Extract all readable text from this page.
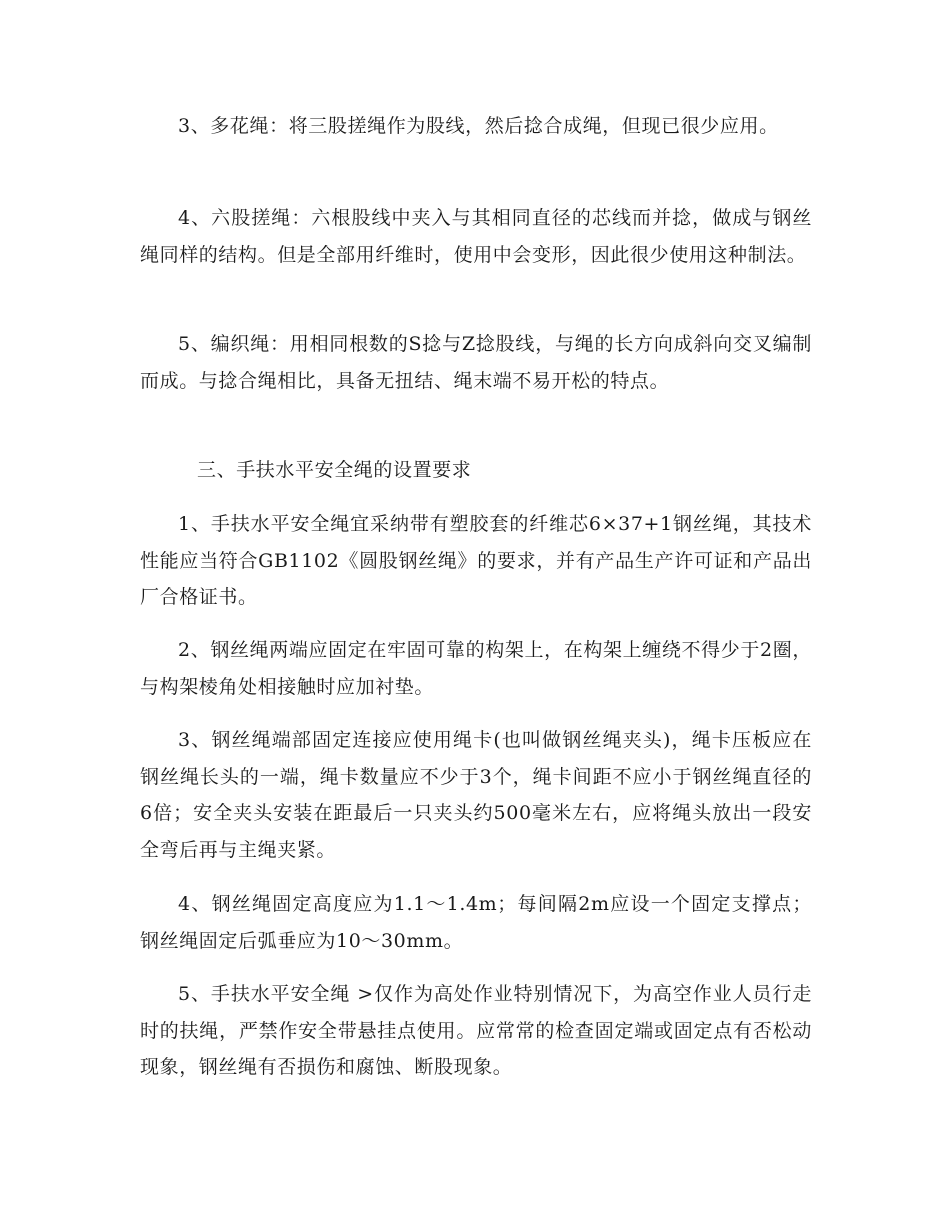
3、多花绳：将三股搓绳作为股线，然后捻合成绳，但现已很少应用。

4、六股搓绳：六根股线中夹入与其相同直径的芯线而并捻，做成与钢丝绳同样的结构。但是全部用纤维时，使用中会变形，因此很少使用这种制法。

5、编织绳：用相同根数的S捻与Z捻股线，与绳的长方向成斜向交叉编制而成。与捻合绳相比，具备无扭结、绳末端不易开松的特点。

三、手扶水平安全绳的设置要求

1、手扶水平安全绳宜采纳带有塑胶套的纤维芯6×37+1钢丝绳，其技术性能应当符合GB1102《圆股钢丝绳》的要求，并有产品生产许可证和产品出厂合格证书。

2、钢丝绳两端应固定在牢固可靠的构架上，在构架上缠绕不得少于2圈，与构架棱角处相接触时应加衬垫。

3、钢丝绳端部固定连接应使用绳卡(也叫做钢丝绳夹头)，绳卡压板应在钢丝绳长头的一端，绳卡数量应不少于3个，绳卡间距不应小于钢丝绳直径的6倍；安全夹头安装在距最后一只夹头约500毫米左右，应将绳头放出一段安全弯后再与主绳夹紧。

4、钢丝绳固定高度应为1.1～1.4m；每间隔2m应设一个固定支撑点；钢丝绳固定后弧垂应为10～30mm。

5、手扶水平安全绳 >仅作为高处作业特别情况下，为高空作业人员行走时的扶绳，严禁作安全带悬挂点使用。应常常的检查固定端或固定点有否松动现象，钢丝绳有否损伤和腐蚀、断股现象。
